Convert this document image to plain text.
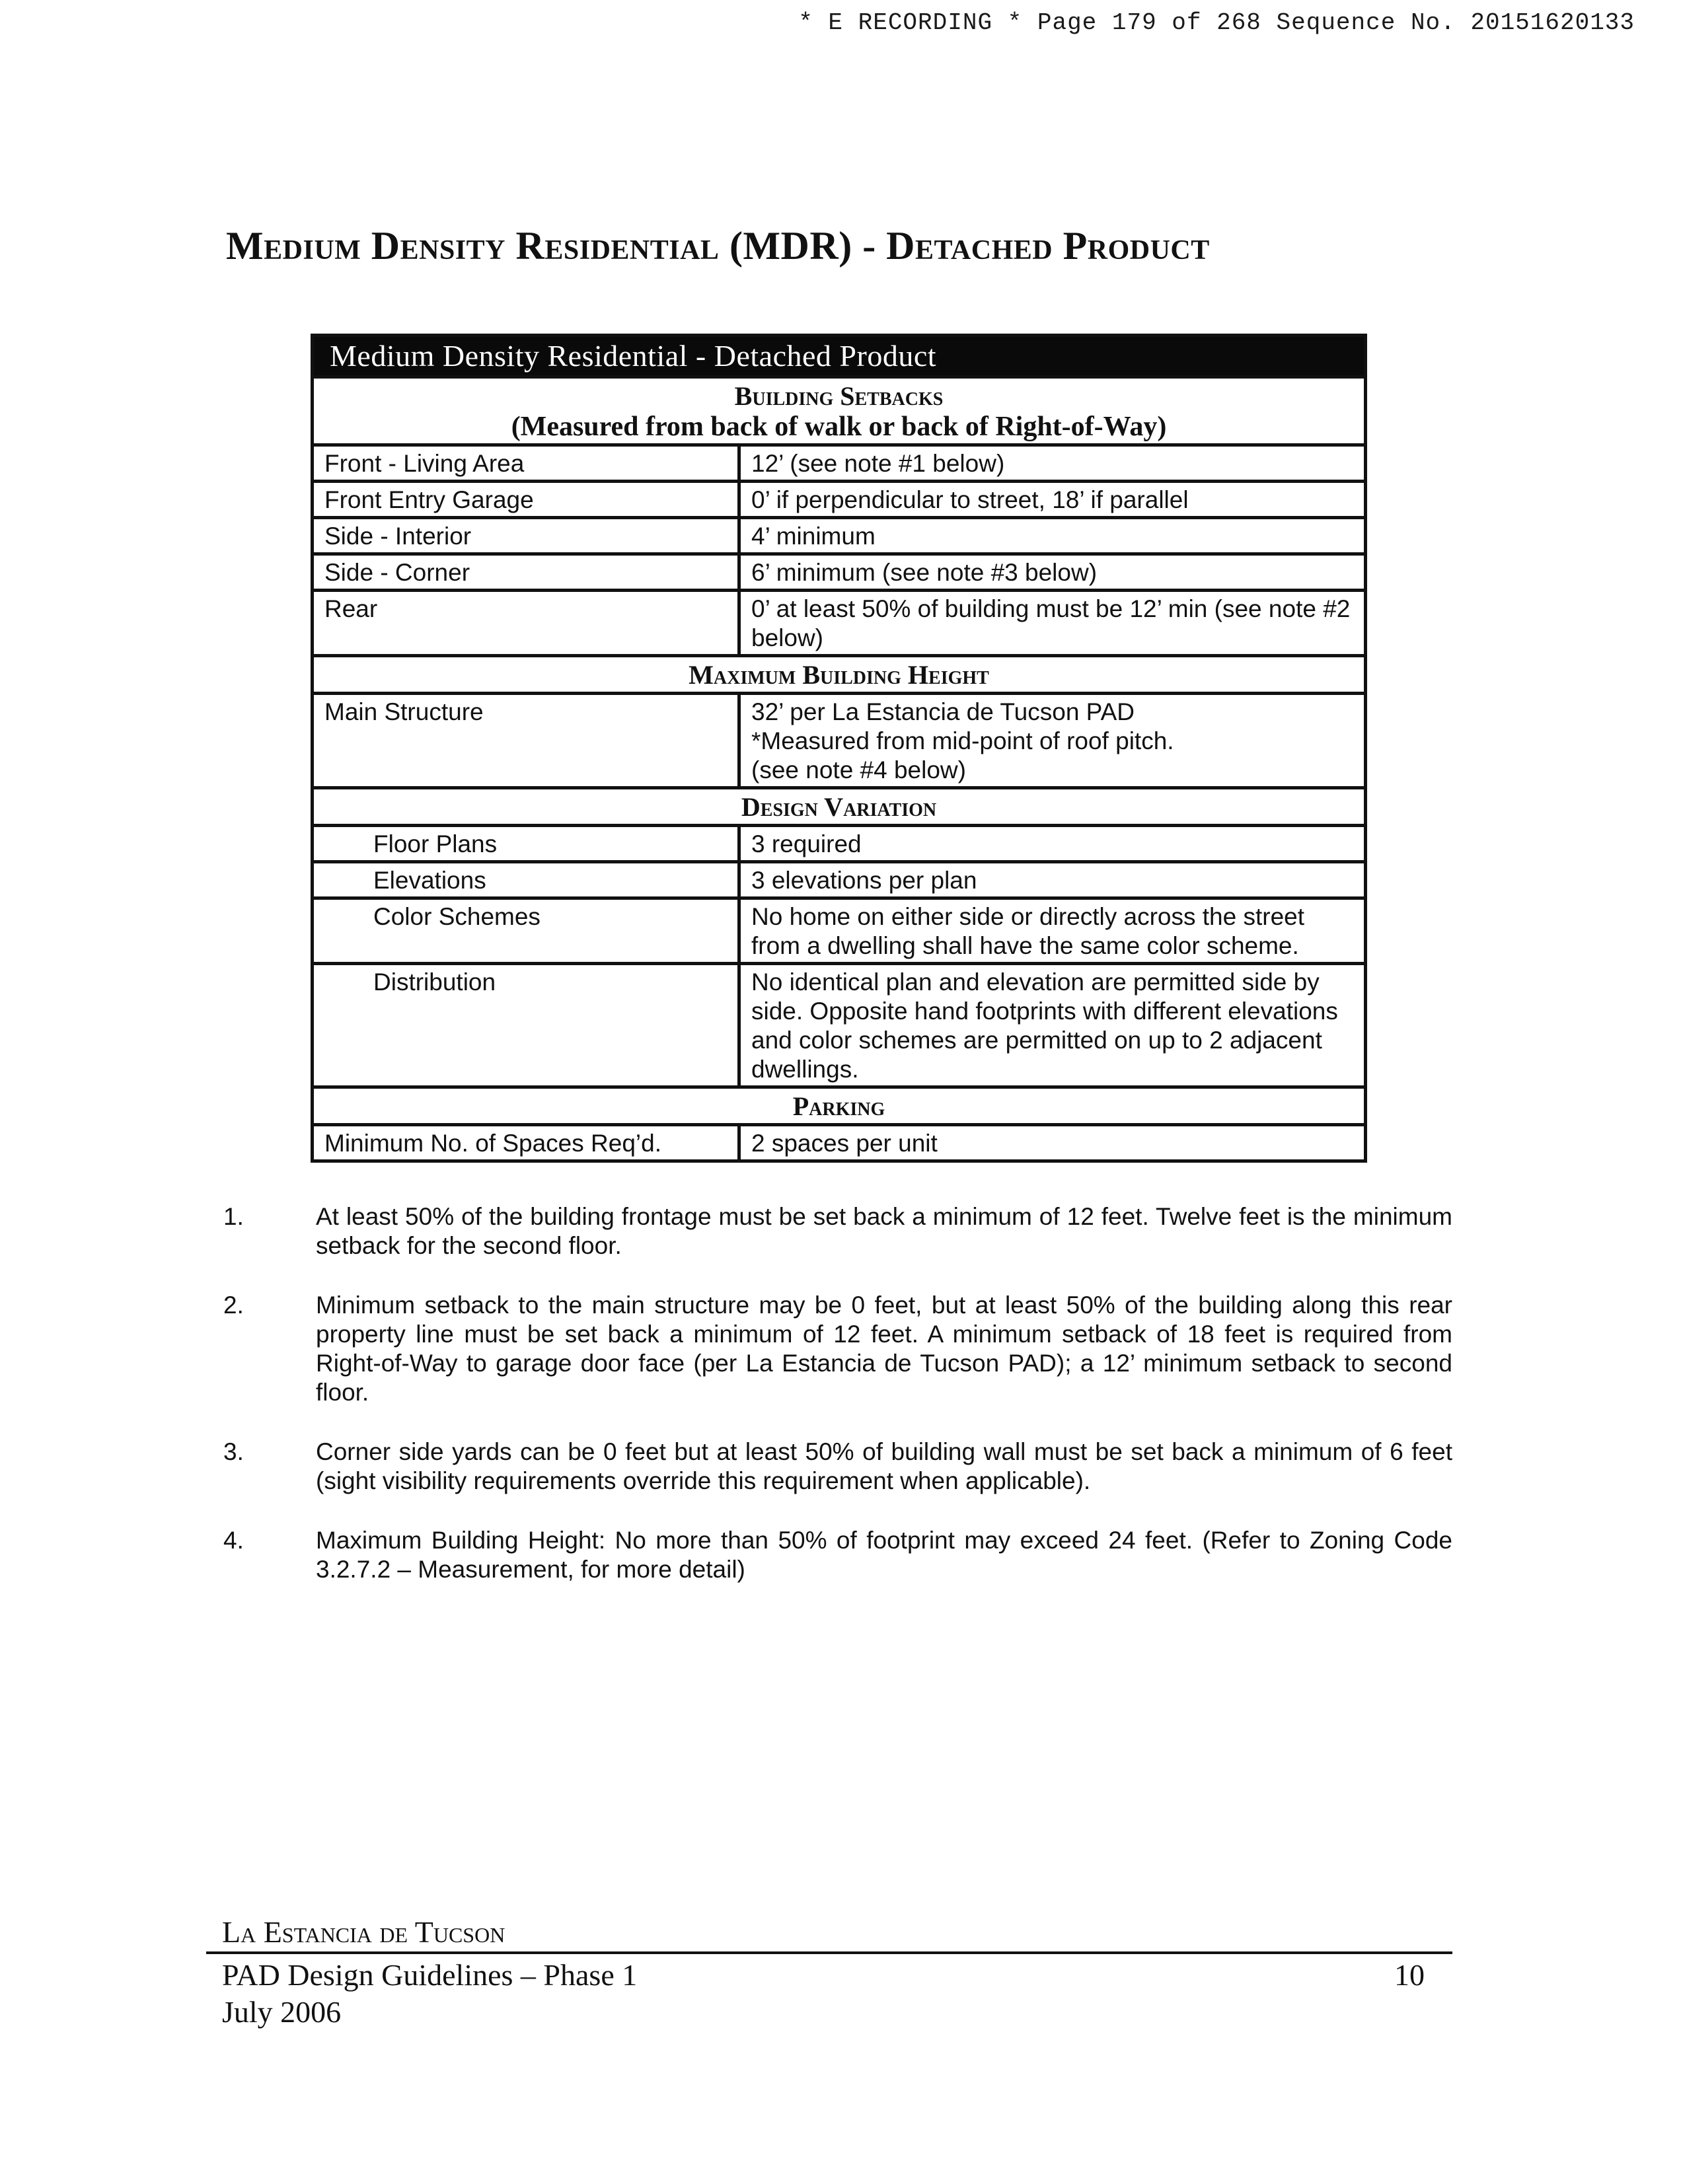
* E RECORDING * Page 179 of 268 Sequence No. 20151620133
Medium Density Residential (MDR) - Detached Product
Medium Density Residential - Detached Product	
Building Setbacks
(Measured from back of walk or back of Right-of-Way)	

Front - Living Area	12’ (see note #1 below)
Front Entry Garage	0’ if perpendicular to street, 18’ if parallel
Side - Interior	4’ minimum
Side - Corner	6’ minimum (see note #3 below)
Rear	0’ at least 50% of building must be 12’ min (see note #2 below)
Maximum Building Height	
Main Structure	32’ per La Estancia de Tucson PAD
*Measured from mid-point of roof pitch.
(see note #4 below)

Design Variation	
Floor Plans	3 required
Elevations	3 elevations per plan
Color Schemes	No home on either side or directly across the street from a dwelling shall have the same color scheme.
Distribution	No identical plan and elevation are permitted side by side. Opposite hand footprints with different elevations and color schemes are permitted on up to 2 adjacent dwellings.
Parking	
Minimum No. of Spaces Req’d.	2 spaces per unit
1.	At least 50% of the building frontage must be set back a minimum of 12 feet. Twelve feet is the minimum setback for the second floor.
2.	Minimum setback to the main structure may be 0 feet, but at least 50% of the building along this rear property line must be set back a minimum of 12 feet. A minimum setback of 18 feet is required from Right-of-Way to garage door face (per La Estancia de Tucson PAD); a 12’ minimum setback to second floor.
3.	Corner side yards can be 0 feet but at least 50% of building wall must be set back a minimum of 6 feet (sight visibility requirements override this requirement when applicable).
4.	Maximum Building Height: No more than 50% of footprint may exceed 24 feet. (Refer to Zoning Code 3.2.7.2 – Measurement, for more detail)
La Estancia de Tucson
PAD Design Guidelines – Phase 1	10
July 2006
